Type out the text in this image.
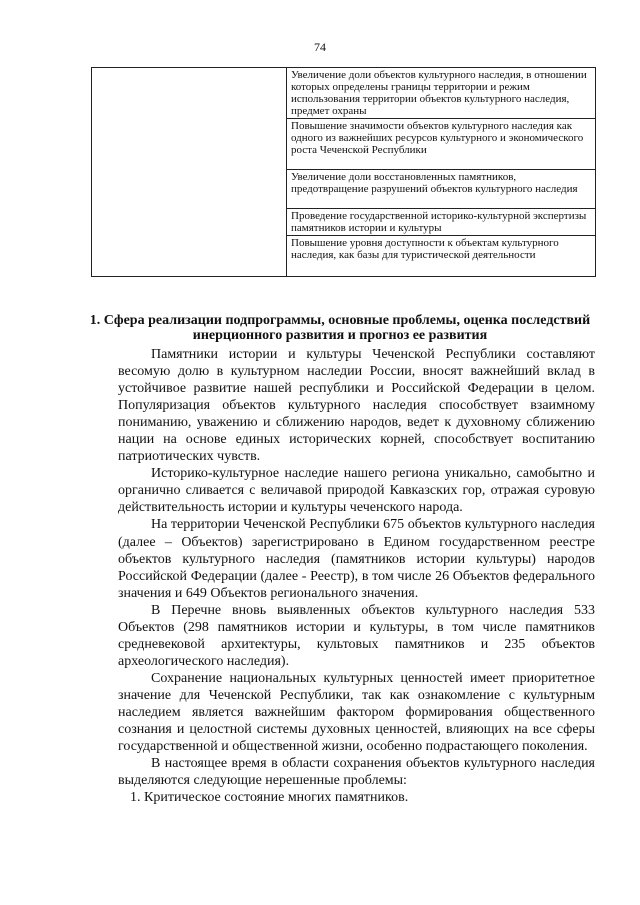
74

Увеличение доли объектов культурного наследия, в отношении которых определены границы территории и режим использования территории объектов культурного наследия, предмет охраны

Повышение значимости объектов культурного наследия как одного из важнейших ресурсов культурного и экономического роста Чеченской Республики

Увеличение доли восстановленных памятников, предотвращение разрушений объектов культурного наследия

Проведение государственной историко-культурной экспертизы памятников истории и культуры

Повышение уровня доступности к объектам культурного наследия, как базы для туристической деятельности
1. Сфера реализации подпрограммы, основные проблемы, оценка последствий инерционного развития и прогноз ее развития

Памятники истории и культуры Чеченской Республики составляют весомую долю в культурном наследии России, вносят важнейший вклад в устойчивое развитие нашей республики и Российской Федерации в целом. Популяризация объектов культурного наследия способствует взаимному пониманию, уважению и сближению народов, ведет к духовному сближению нации на основе единых исторических корней, способствует воспитанию патриотических чувств.

Историко-культурное наследие нашего региона уникально, самобытно и органично сливается с величавой природой Кавказских гор, отражая суровую действительность истории и культуры чеченского народа.

На территории Чеченской Республики 675 объектов культурного наследия (далее – Объектов) зарегистрировано в Едином государственном реестре объектов культурного наследия (памятников истории культуры) народов Российской Федерации (далее - Реестр), в том числе 26 Объектов федерального значения и 649 Объектов регионального значения.

В Перечне вновь выявленных объектов культурного наследия 533 Объектов (298 памятников истории и культуры, в том числе памятников средневековой архитектуры, культовых памятников и 235 объектов археологического наследия).

Сохранение национальных культурных ценностей имеет приоритетное значение для Чеченской Республики, так как ознакомление с культурным наследием является важнейшим фактором формирования общественного сознания и целостной системы духовных ценностей, влияющих на все сферы государственной и общественной жизни, особенно подрастающего поколения.

В настоящее время в области сохранения объектов культурного наследия выделяются следующие нерешенные проблемы:

1. Критическое состояние многих памятников.
